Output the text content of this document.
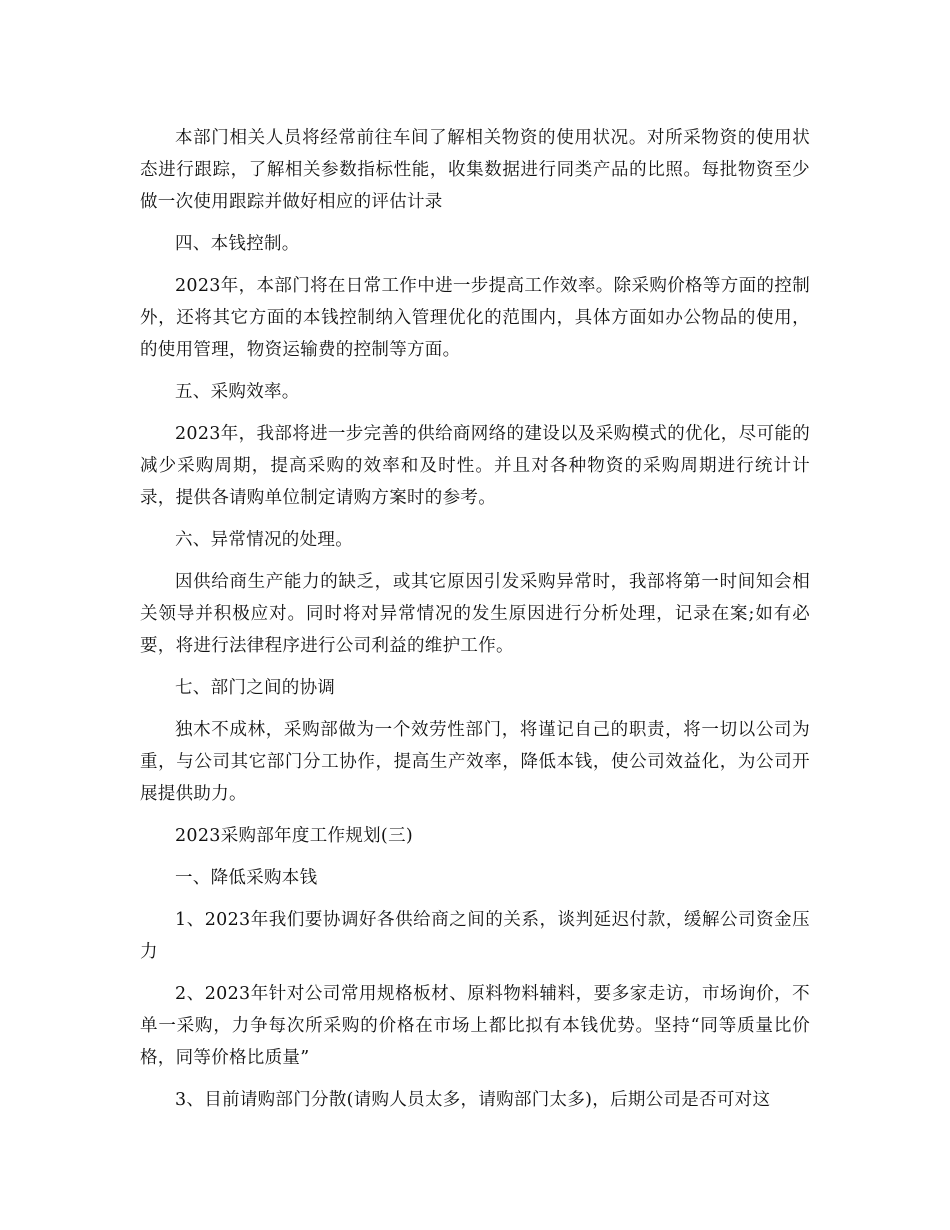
本部门相关人员将经常前往车间了解相关物资的使用状况。对所采物资的使用状态进行跟踪，了解相关参数指标性能，收集数据进行同类产品的比照。每批物资至少做一次使用跟踪并做好相应的评估计录

四、本钱控制。

2023年，本部门将在日常工作中进一步提高工作效率。除采购价格等方面的控制外，还将其它方面的本钱控制纳入管理优化的范围内，具体方面如办公物品的使用，的使用管理，物资运输费的控制等方面。

五、采购效率。

2023年，我部将进一步完善的供给商网络的建设以及采购模式的优化，尽可能的减少采购周期，提高采购的效率和及时性。并且对各种物资的采购周期进行统计计录，提供各请购单位制定请购方案时的参考。

六、异常情况的处理。

因供给商生产能力的缺乏，或其它原因引发采购异常时，我部将第一时间知会相关领导并积极应对。同时将对异常情况的发生原因进行分析处理，记录在案;如有必要，将进行法律程序进行公司利益的维护工作。

七、部门之间的协调

独木不成林，采购部做为一个效劳性部门，将谨记自己的职责，将一切以公司为重，与公司其它部门分工协作，提高生产效率，降低本钱，使公司效益化，为公司开展提供助力。

2023采购部年度工作规划(三)

一、降低采购本钱

1、2023年我们要协调好各供给商之间的关系，谈判延迟付款，缓解公司资金压力

2、2023年针对公司常用规格板材、原料物料辅料，要多家走访，市场询价，不单一采购，力争每次所采购的价格在市场上都比拟有本钱优势。坚持“同等质量比价格，同等价格比质量”

3、目前请购部门分散(请购人员太多，请购部门太多)，后期公司是否可对这
